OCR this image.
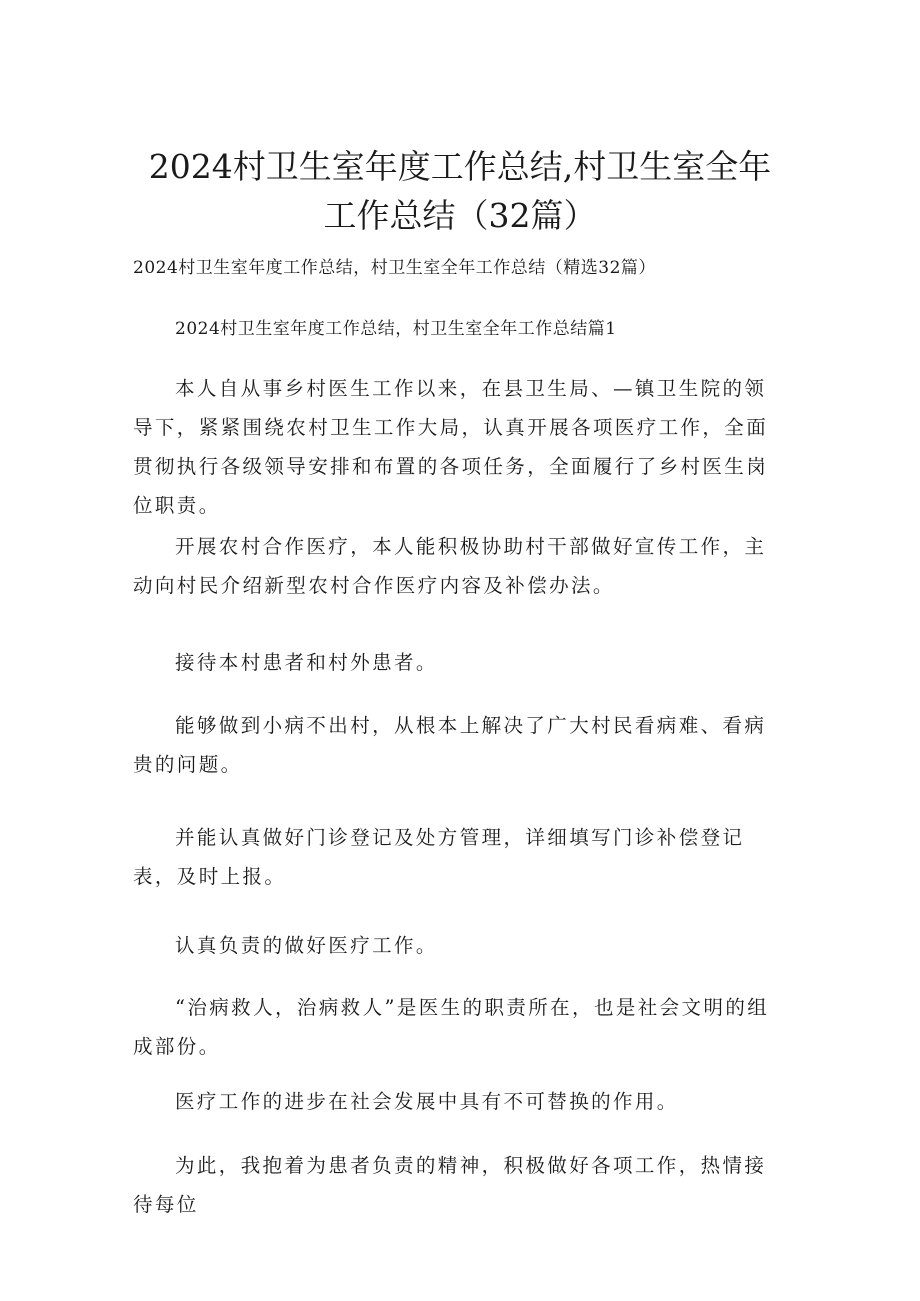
2024村卫生室年度工作总结,村卫生室全年
工作总结（32篇）

2024村卫生室年度工作总结，村卫生室全年工作总结（精选32篇）

2024村卫生室年度工作总结，村卫生室全年工作总结篇1

本人自从事乡村医生工作以来，在县卫生局、—镇卫生院的领导下，紧紧围绕农村卫生工作大局，认真开展各项医疗工作，全面贯彻执行各级领导安排和布置的各项任务，全面履行了乡村医生岗位职责。

开展农村合作医疗，本人能积极协助村干部做好宣传工作，主动向村民介绍新型农村合作医疗内容及补偿办法。

接待本村患者和村外患者。

能够做到小病不出村，从根本上解决了广大村民看病难、看病贵的问题。

并能认真做好门诊登记及处方管理，详细填写门诊补偿登记表，及时上报。

认真负责的做好医疗工作。

“治病救人，治病救人”是医生的职责所在，也是社会文明的组成部份。

医疗工作的进步在社会发展中具有不可替换的作用。

为此，我抱着为患者负责的精神，积极做好各项工作，热情接待每位
